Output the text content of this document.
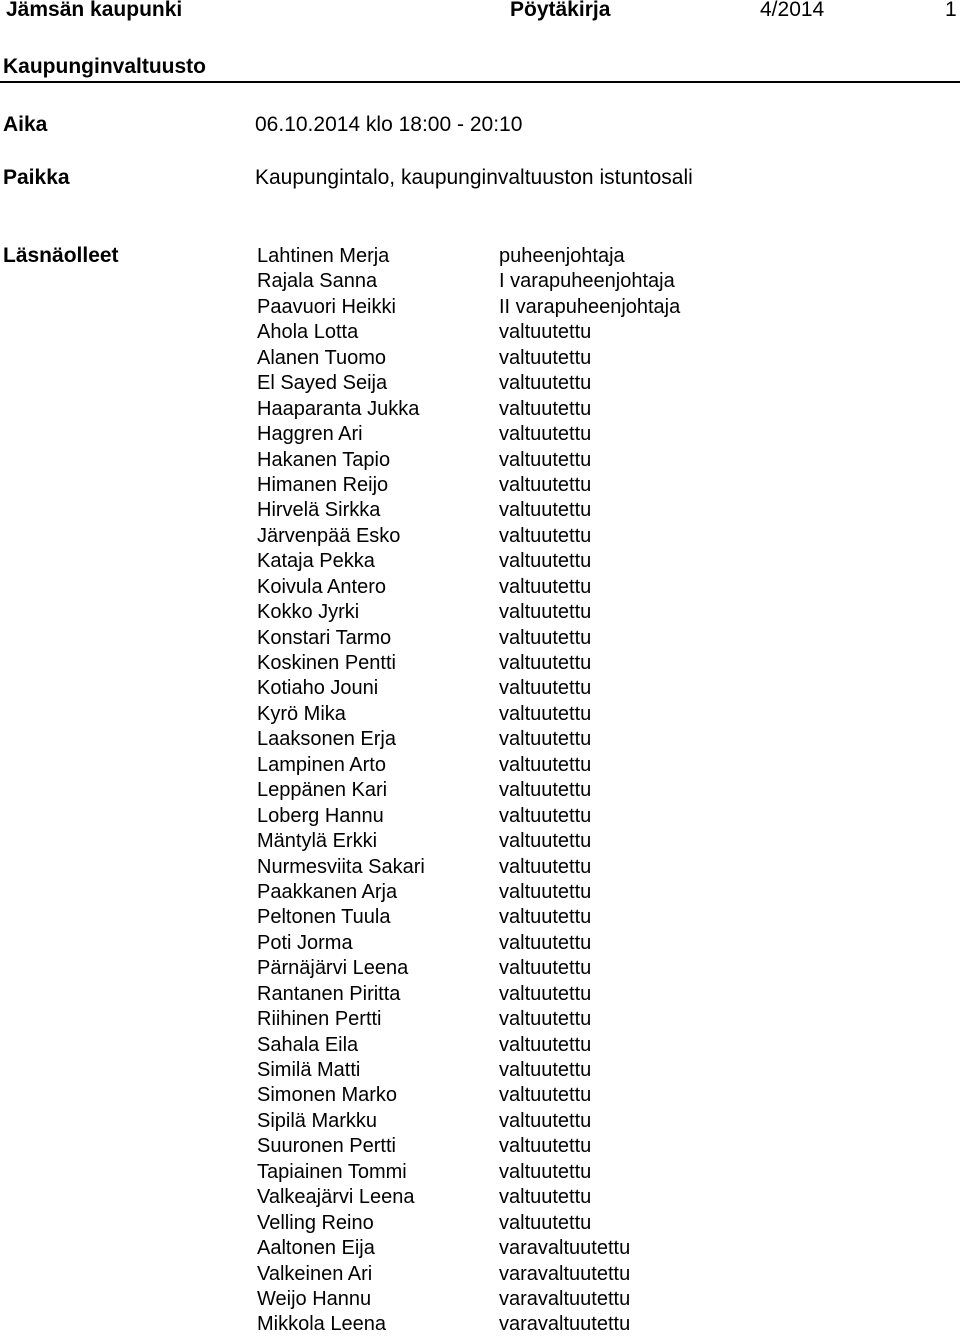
Jämsän kaupunki	Pöytäkirja	4/2014	1
Kaupunginvaltuusto
Aika	06.10.2014 klo 18:00 - 20:10
Paikka	Kaupungintalo, kaupunginvaltuuston istuntosali
Läsnäolleet	Lahtinen Merja	puheenjohtaja
Rajala Sanna	I varapuheenjohtaja
Paavuori Heikki	II varapuheenjohtaja
Ahola Lotta	valtuutettu
Alanen Tuomo	valtuutettu
El Sayed Seija	valtuutettu
Haaparanta Jukka	valtuutettu
Haggren Ari	valtuutettu
Hakanen Tapio	valtuutettu
Himanen Reijo	valtuutettu
Hirvelä Sirkka	valtuutettu
Järvenpää Esko	valtuutettu
Kataja Pekka	valtuutettu
Koivula Antero	valtuutettu
Kokko Jyrki	valtuutettu
Konstari Tarmo	valtuutettu
Koskinen Pentti	valtuutettu
Kotiaho Jouni	valtuutettu
Kyrö Mika	valtuutettu
Laaksonen Erja	valtuutettu
Lampinen Arto	valtuutettu
Leppänen Kari	valtuutettu
Loberg Hannu	valtuutettu
Mäntylä Erkki	valtuutettu
Nurmesviita Sakari	valtuutettu
Paakkanen Arja	valtuutettu
Peltonen Tuula	valtuutettu
Poti Jorma	valtuutettu
Pärnäjärvi Leena	valtuutettu
Rantanen Piritta	valtuutettu
Riihinen Pertti	valtuutettu
Sahala Eila	valtuutettu
Similä Matti	valtuutettu
Simonen Marko	valtuutettu
Sipilä Markku	valtuutettu
Suuronen Pertti	valtuutettu
Tapiainen Tommi	valtuutettu
Valkeajärvi Leena	valtuutettu
Velling Reino	valtuutettu
Aaltonen Eija	varavaltuutettu
Valkeinen Ari	varavaltuutettu
Weijo Hannu	varavaltuutettu
Mikkola Leena	varavaltuutettu
